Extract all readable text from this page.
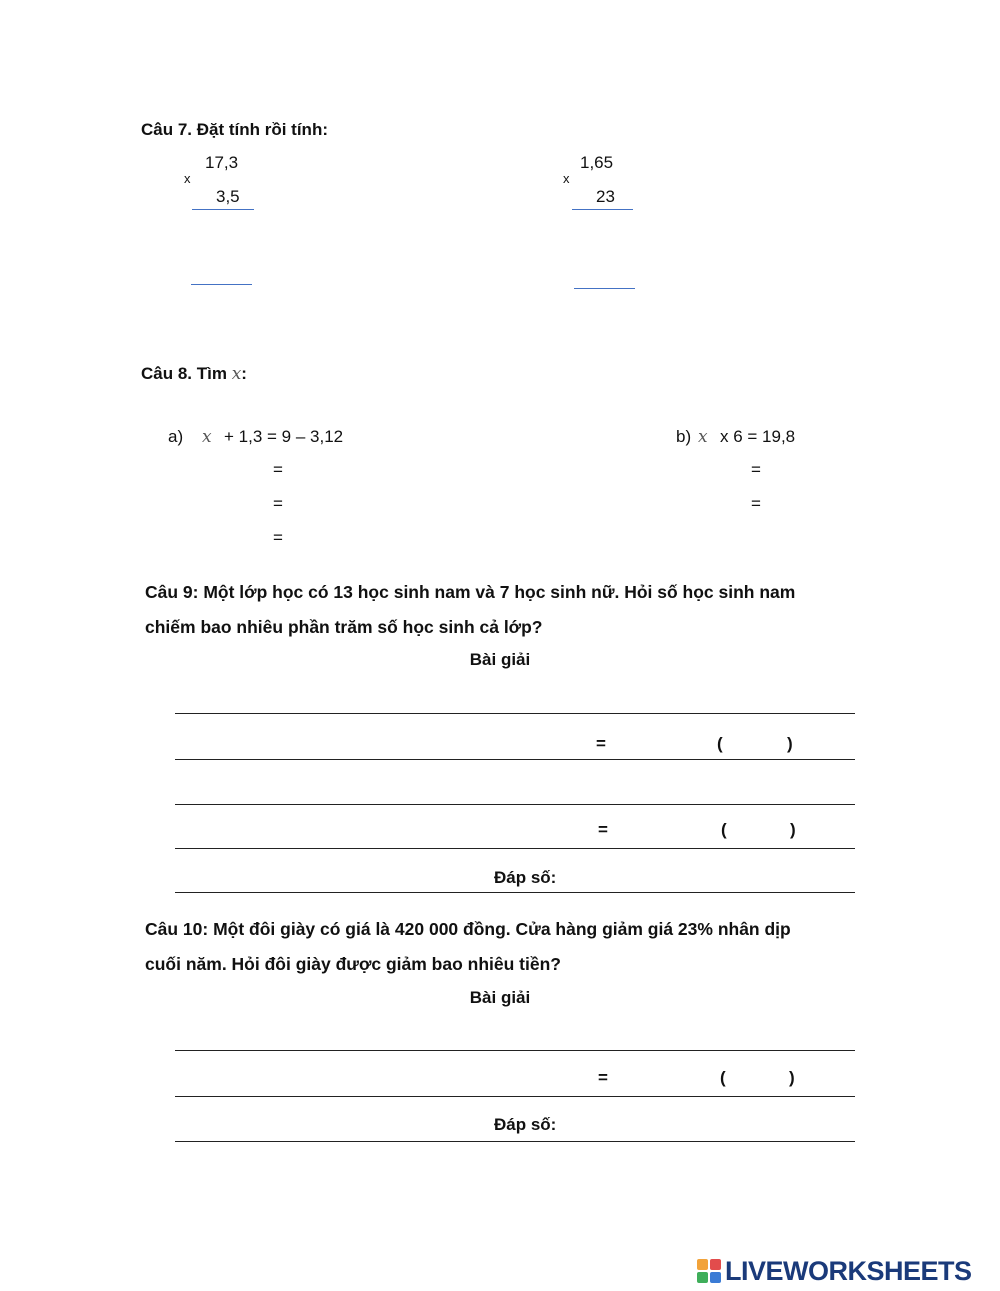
Câu 7. Đặt tính rồi tính:
x
17,3
3,5
x
1,65
23
Câu 8. Tìm 𝑥:
a) 𝑥 + 1,3 = 9 – 3,12
=
=
=
b) 𝑥 x 6 = 19,8
=
=
Câu 9: Một lớp học có 13 học sinh nam và 7 học sinh nữ. Hỏi số học sinh nam
chiếm bao nhiêu phần trăm số học sinh cả lớp?
Bài giải
=	(	)
=	(	)
Đáp số:
Câu 10: Một đôi giày có giá là 420 000 đồng. Cửa hàng giảm giá 23% nhân dịp
cuối năm. Hỏi đôi giày được giảm bao nhiêu tiền?
Bài giải
=	(	)
Đáp số:
LIVEWORKSHEETS
